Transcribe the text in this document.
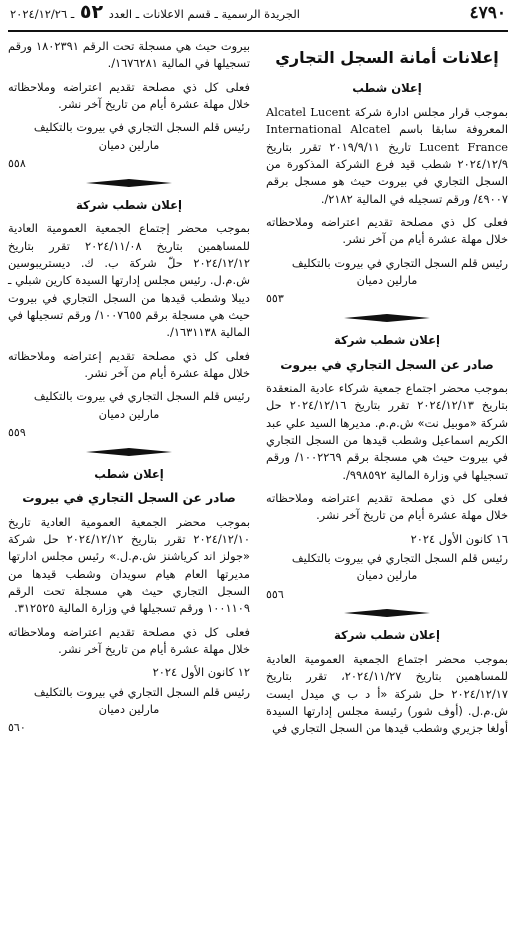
٤٧٩٠
الجريدة الرسمية ـ قسم الاعلانات ـ العدد ٥٢ ـ ٢٠٢٤/١٢/٢٦
إعلانات أمانة السجل التجاري
إعلان شطب
بموجب قرار مجلس ادارة شركة Alcatel Lucent المعروفة سابقا باسم International Alcatel Lucent France تاريخ ٢٠١٩/٩/١١ تقرر بتاريخ ٢٠٢٤/١٢/٩ شطب قيد فرع الشركة المذكورة من السجل التجاري في بيروت حيث هو مسجل برقم ٤٩٠٠٧/ ورقم تسجيله في المالية ٢١٨٢/.
فعلى كل ذي مصلحة تقديم اعتراضه وملاحظاته خلال مهلة عشرة أيام من آخر نشر.
رئيس قلم السجل التجاري في بيروت بالتكليف
مارلين دميان
٥٥٣
إعلان شطب شركة
صادر عن السجل التجاري في بيروت
بموجب محضر اجتماع جمعية شركاء عادية المنعقدة بتاريخ ٢٠٢٤/١٢/١٣ تقرر بتاريخ ٢٠٢٤/١٢/١٦ حل شركة «موبيل نت» ش.م.م. مديرها السيد علي عبد الكريم اسماعيل وشطب قيدها من السجل التجاري في بيروت حيث هي مسجلة برقم ١٠٠٢٢٦٩/ ورقم تسجيلها في وزارة المالية ٩٩٨٥٩٢/.
فعلى كل ذي مصلحة تقديم اعتراضه وملاحظاته خلال مهلة عشرة أيام من تاريخ آخر نشر.
١٦ كانون الأول ٢٠٢٤
رئيس قلم السجل التجاري في بيروت بالتكليف
مارلين دميان
٥٥٦
إعلان شطب شركة
بموجب محضر اجتماع الجمعية العمومية العادية للمساهمين بتاريخ ٢٠٢٤/١١/٢٧، تقرر بتاريخ ٢٠٢٤/١٢/١٧ حل شركة «أ د ب ي ميدل ايست ش.م.ل. (أوف شور) رئيسة مجلس إدارتها السيدة أولغا جزيري وشطب قيدها من السجل التجاري في
بيروت حيث هي مسجلة تحت الرقم ١٨٠٢٣٩١ ورقم تسجيلها في المالية ١٦٧٦٢٨١/.
فعلى كل ذي مصلحة تقديم اعتراضه وملاحظاته خلال مهلة عشرة أيام من تاريخ آخر نشر.
رئيس قلم السجل التجاري في بيروت بالتكليف
مارلين دميان
٥٥٨
إعلان شطب شركة
بموجب محضر إجتماع الجمعية العمومية العادية للمساهمين بتاريخ ٢٠٢٤/١١/٠٨ تقرر بتاريخ ٢٠٢٤/١٢/١٢ حلّ شركة ب. ك. ديستريبوسين ش.م.ل. رئيس مجلس إدارتها السيدة كارين شبلي ـ ديبلا وشطب قيدها من السجل التجاري في بيروت حيث هي مسجلة برقم ١٠٠٧٦٥٥/ ورقم تسجيلها في المالية ١٦٣١١٣٨/.
فعلى كل ذي مصلحة تقديم إعتراضه وملاحظاته خلال مهلة عشرة أيام من آخر نشر.
رئيس قلم السجل التجاري في بيروت بالتكليف
مارلين دميان
٥٥٩
إعلان شطب
صادر عن السجل التجاري في بيروت
بموجب محضر الجمعية العمومية العادية تاريخ ٢٠٢٤/١٢/١٠ تقرر بتاريخ ٢٠٢٤/١٢/١٢ حل شركة «جولز اند كرياشنز ش.م.ل.» رئيس مجلس ادارتها مديرتها العام هيام سويدان وشطب قيدها من السجل التجاري حيث هي مسجلة تحت الرقم ١٠٠١١٠٩ ورقم تسجيلها في وزارة المالية ٣١٢٥٢٥.
فعلى كل ذي مصلحة تقديم اعتراضه وملاحظاته خلال مهلة عشرة أيام من تاريخ آخر نشر.
١٢ كانون الأول ٢٠٢٤
رئيس قلم السجل التجاري في بيروت بالتكليف
مارلين دميان
٥٦٠
